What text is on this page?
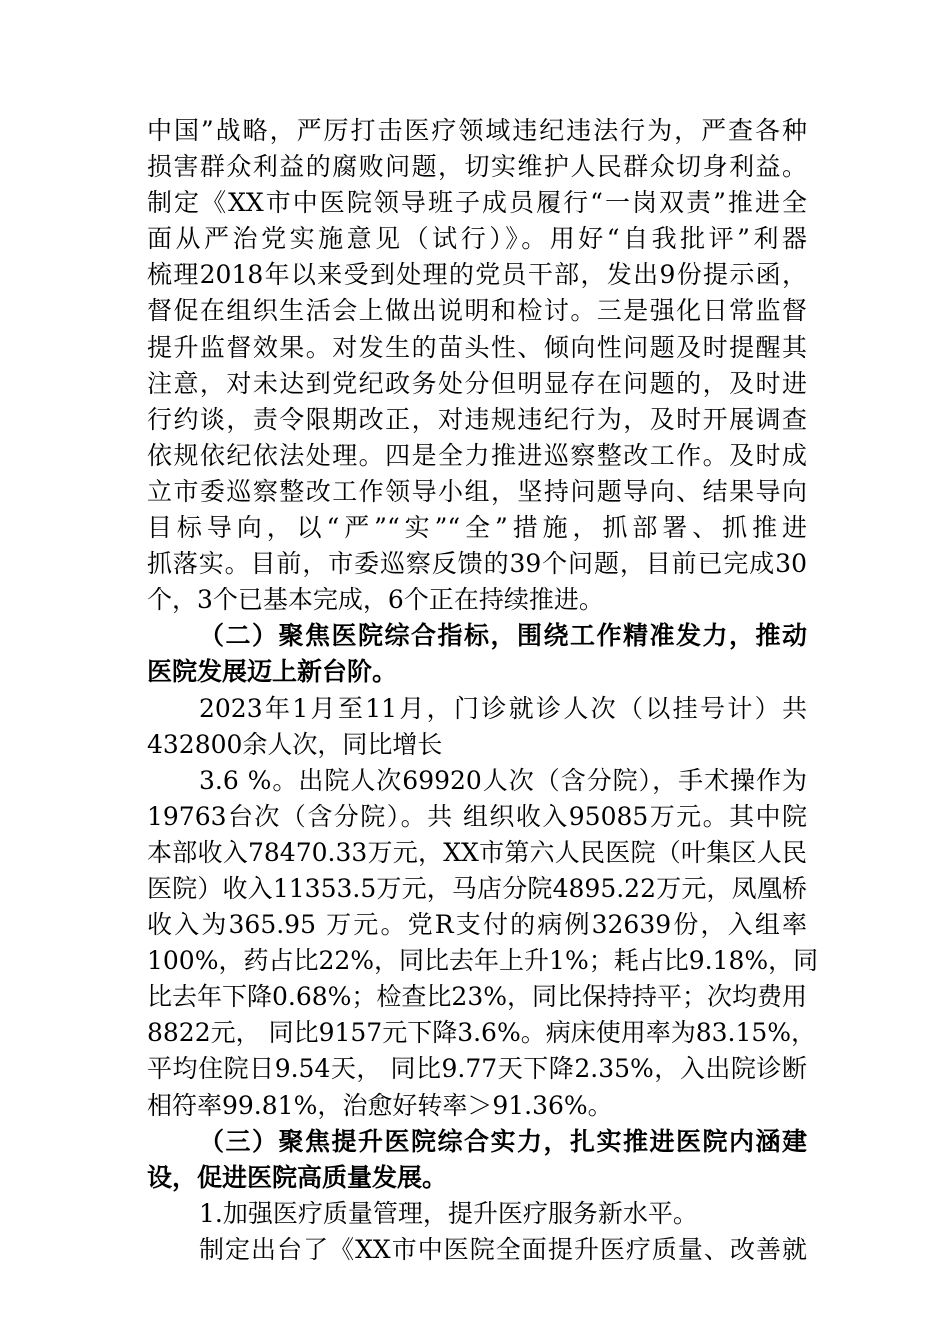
中国”战略，严厉打击医疗领域违纪违法行为，严查各种
损害群众利益的腐败问题，切实维护人民群众切身利益。
制定《XX市中医院领导班子成员履行“一岗双责”推进全
面从严治党实施意见（试行）》。用好“自我批评”利器
梳理2018年以来受到处理的党员干部，发出9份提示函，
督促在组织生活会上做出说明和检讨。三是强化日常监督
提升监督效果。对发生的苗头性、倾向性问题及时提醒其
注意，对未达到党纪政务处分但明显存在问题的，及时进
行约谈，责令限期改正，对违规违纪行为，及时开展调查
依规依纪依法处理。四是全力推进巡察整改工作。及时成
立市委巡察整改工作领导小组，坚持问题导向、结果导向
目标导向，以“严”“实”“全”措施，抓部署、抓推进
抓落实。目前，市委巡察反馈的39个问题，目前已完成30
个，3个已基本完成，6个正在持续推进。
（二）聚焦医院综合指标，围绕工作精准发力，推动
医院发展迈上新台阶。
2023年1月至11月，门诊就诊人次（以挂号计）共
432800余人次，同比增长
3.6 %。出院人次69920人次（含分院），手术操作为
19763台次（含分院）。共 组织收入95085万元。其中院
本部收入78470.33万元，XX市第六人民医院（叶集区人民
医院）收入11353.5万元，马店分院4895.22万元，凤凰桥
收入为365.95 万元。党R支付的病例32639份，入组率
100%，药占比22%，同比去年上升1%；耗占比9.18%，同
比去年下降0.68%；检查比23%，同比保持持平；次均费用
8822元， 同比9157元下降3.6%。病床使用率为83.15%，
平均住院日9.54天， 同比9.77天下降2.35%，入出院诊断
相符率99.81%，治愈好转率＞91.36%。
（三）聚焦提升医院综合实力，扎实推进医院内涵建
设，促进医院高质量发展。
1.加强医疗质量管理，提升医疗服务新水平。
制定出台了《XX市中医院全面提升医疗质量、改善就
